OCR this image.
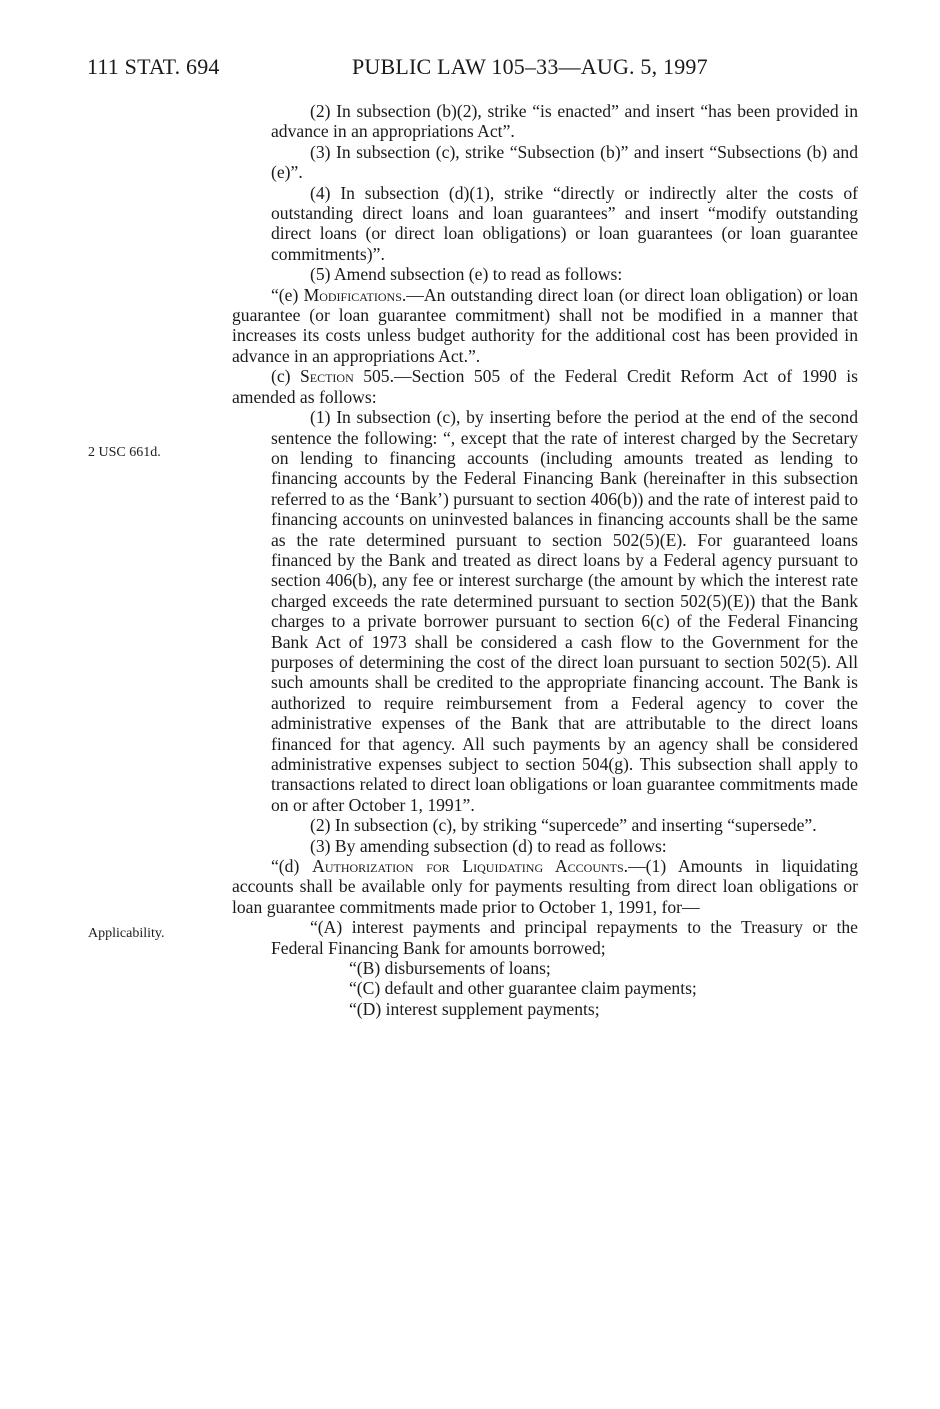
111 STAT. 694	PUBLIC LAW 105–33—AUG. 5, 1997
2 USC 661d.
Applicability.

(2) In subsection (b)(2), strike “is enacted” and insert “has been provided in advance in an appropriations Act”.

(3) In subsection (c), strike “Subsection (b)” and insert “Subsections (b) and (e)”.

(4) In subsection (d)(1), strike “directly or indirectly alter the costs of outstanding direct loans and loan guarantees” and insert “modify outstanding direct loans (or direct loan obligations) or loan guarantees (or loan guarantee commitments)”.

(5) Amend subsection (e) to read as follows:

“(e) Modifications.—An outstanding direct loan (or direct loan obligation) or loan guarantee (or loan guarantee commitment) shall not be modified in a manner that increases its costs unless budget authority for the additional cost has been provided in advance in an appropriations Act.”.

(c) Section 505.—Section 505 of the Federal Credit Reform Act of 1990 is amended as follows:

(1) In subsection (c), by inserting before the period at the end of the second sentence the following: “, except that the rate of interest charged by the Secretary on lending to financing accounts (including amounts treated as lending to financing accounts by the Federal Financing Bank (hereinafter in this subsection referred to as the ‘Bank’) pursuant to section 406(b)) and the rate of interest paid to financing accounts on uninvested balances in financing accounts shall be the same as the rate determined pursuant to section 502(5)(E). For guaranteed loans financed by the Bank and treated as direct loans by a Federal agency pursuant to section 406(b), any fee or interest surcharge (the amount by which the interest rate charged exceeds the rate determined pursuant to section 502(5)(E)) that the Bank charges to a private borrower pursuant to section 6(c) of the Federal Financing Bank Act of 1973 shall be considered a cash flow to the Government for the purposes of determining the cost of the direct loan pursuant to section 502(5). All such amounts shall be credited to the appropriate financing account. The Bank is authorized to require reimbursement from a Federal agency to cover the administrative expenses of the Bank that are attributable to the direct loans financed for that agency. All such payments by an agency shall be considered administrative expenses subject to section 504(g). This subsection shall apply to transactions related to direct loan obligations or loan guarantee commitments made on or after October 1, 1991”.

(2) In subsection (c), by striking “supercede” and inserting “supersede”.

(3) By amending subsection (d) to read as follows:

“(d) Authorization for Liquidating Accounts.—(1) Amounts in liquidating accounts shall be available only for payments resulting from direct loan obligations or loan guarantee commitments made prior to October 1, 1991, for—

“(A) interest payments and principal repayments to the Treasury or the Federal Financing Bank for amounts borrowed;

“(B) disbursements of loans;

“(C) default and other guarantee claim payments;

“(D) interest supplement payments;
